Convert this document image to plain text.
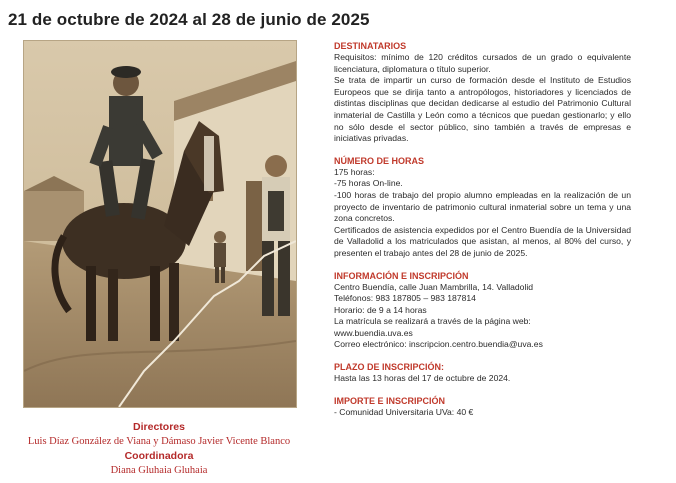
21 de octubre de 2024 al 28 de junio de 2025
Directores
Luis Díaz González de Viana y Dámaso Javier Vicente Blanco
Coordinadora
Diana Gluhaia Gluhaia

DESTINATARIOS

Requisitos: mínimo de 120 créditos cursados de un grado o equivalente licenciatura, diplomatura o título superior.

Se trata de impartir un curso de formación desde el Instituto de Estudios Europeos que se dirija tanto a antropólogos, historiadores y licenciados de distintas disciplinas que decidan dedicarse al estudio del Patrimonio Cultural inmaterial de Castilla y León como a técnicos que puedan gestionarlo; y ello no sólo desde el sector público, sino también a través de empresas e iniciativas privadas.

NÚMERO DE HORAS

175 horas:

-75 horas On-line.

-100 horas de trabajo del propio alumno empleadas en la realización de un proyecto de inventario de patrimonio cultural inmaterial sobre un tema y una zona concretos.

Certificados de asistencia expedidos por el Centro Buendía de la Universidad de Valladolid a los matriculados que asistan, al menos, al 80% del curso, y presenten el trabajo antes del 28 de junio de 2025.

INFORMACIÓN E INSCRIPCIÓN

Centro Buendía, calle Juan Mambrilla, 14. Valladolid

Teléfonos: 983 187805 – 983 187814

Horario: de 9 a 14 horas

La matrícula se realizará a través de la página web:

www.buendia.uva.es

Correo electrónico: inscripcion.centro.buendia@uva.es

PLAZO DE INSCRIPCIÓN:

Hasta las 13 horas del 17 de octubre de 2024.

IMPORTE E INSCRIPCIÓN

- Comunidad Universitaria UVa: 40 €
